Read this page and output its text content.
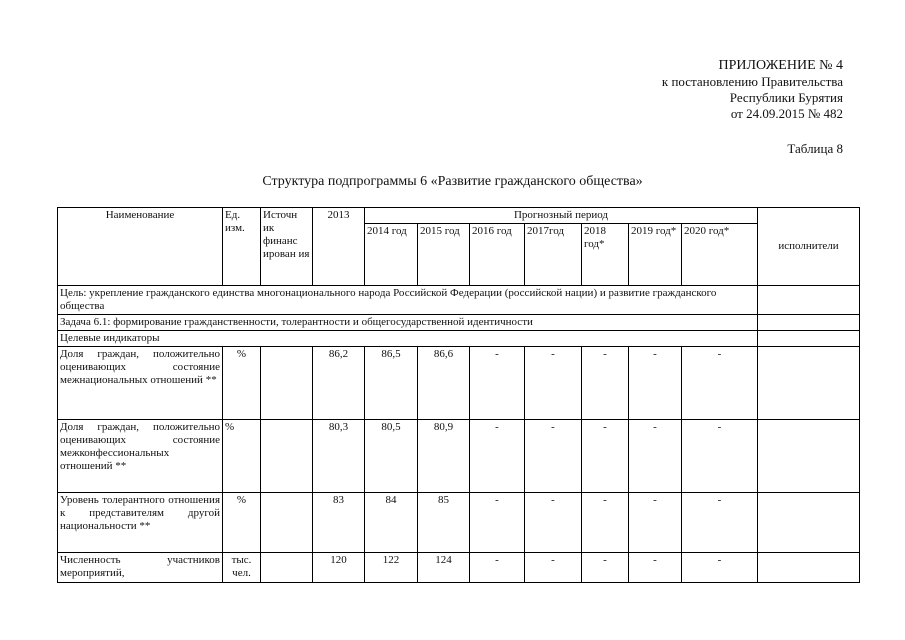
ПРИЛОЖЕНИЕ № 4
к постановлению Правительства
Республики Бурятия
от 24.09.2015 № 482
Таблица 8
Структура подпрограммы 6 «Развитие гражданского общества»
Наименование	Ед. изм.	Источн ик финанс ирован ия	2013	Прогнозный период							исполнители
				2014 год	2015 год	2016 год	2017год	2018 год*	2019 год*	2020 год*	
Цель: укрепление гражданского единства многонационального народа Российской Федерации (российской нации) и развитие гражданского общества											
Задача 6.1: формирование гражданственности, толерантности и общегосударственной идентичности											
Целевые индикаторы											
Доля граждан, положительно оценивающих состояние межнациональных отношений **	%		86,2	86,5	86,6	-	-	-	-	-	
Доля граждан, положительно оценивающих состояние межконфессиональных отношений **	%		80,3	80,5	80,9	-	-	-	-	-	
Уровень толерантного отношения к представителям другой национальности **	%		83	84	85	-	-	-	-	-	
Численность участников мероприятий,	тыс. чел.		120	122	124	-	-	-	-	-	
